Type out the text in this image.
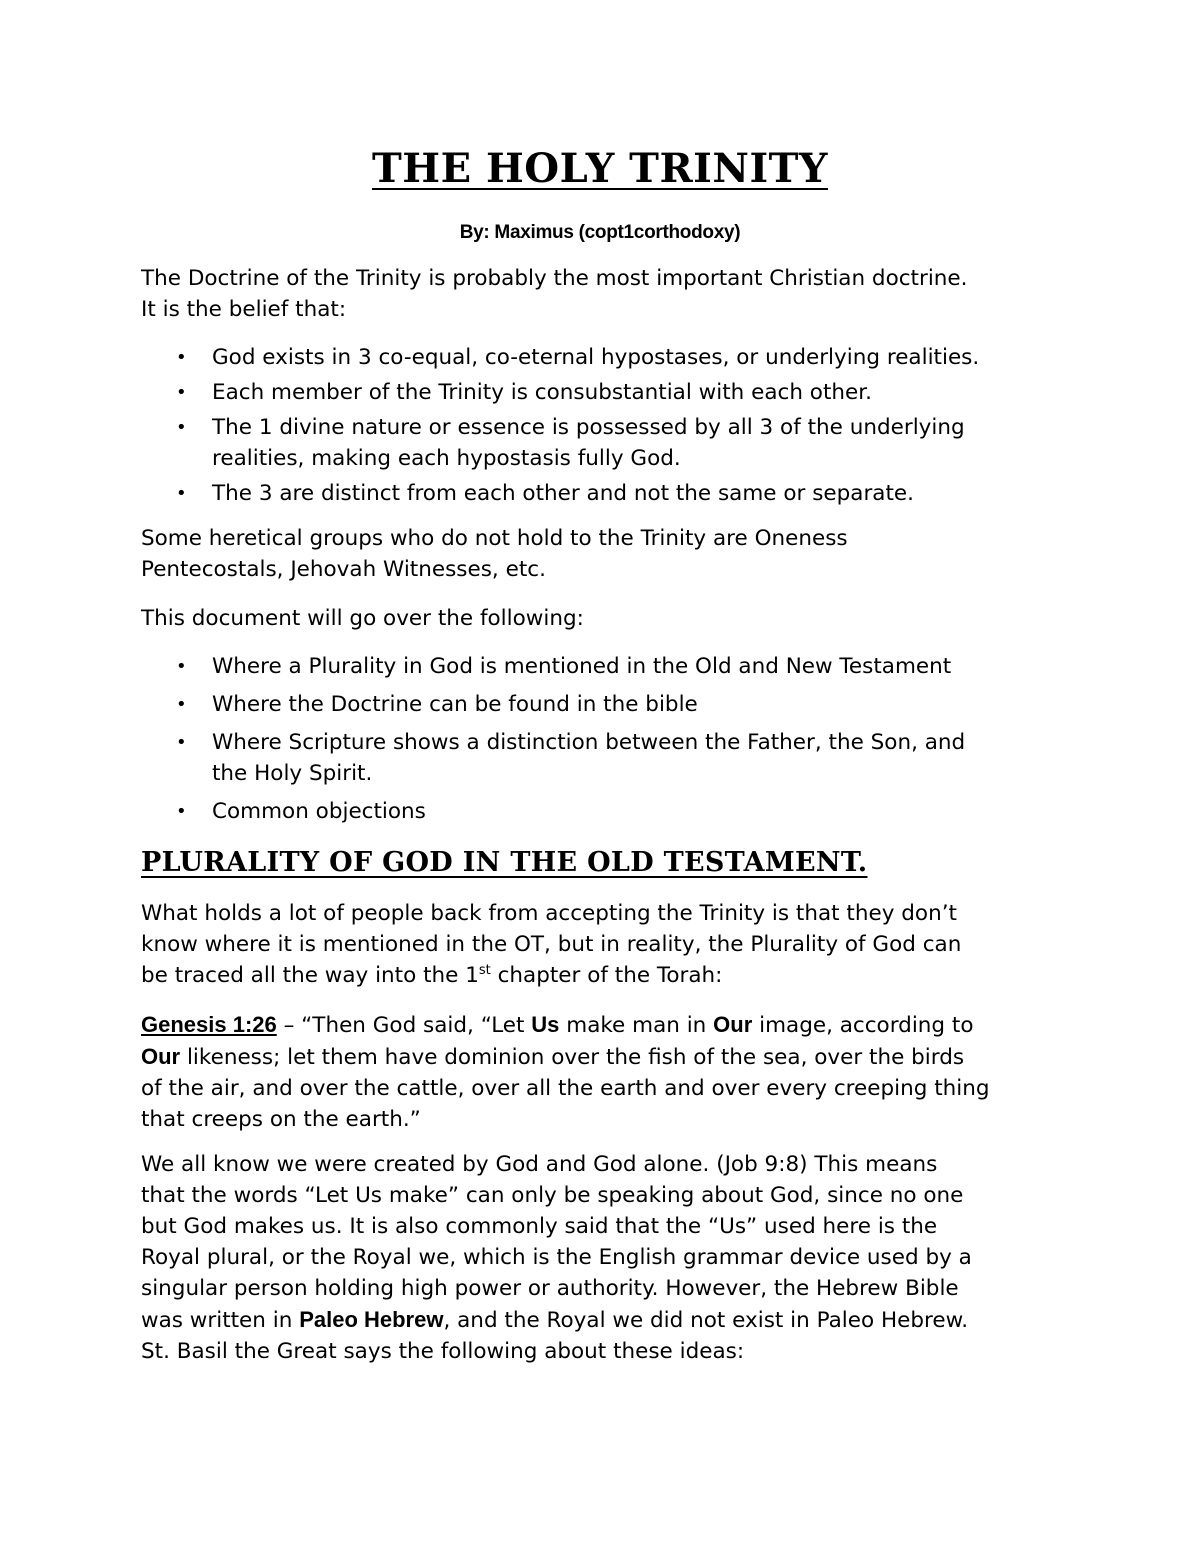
THE HOLY TRINITY
By: Maximus (copt1corthodoxy)

The Doctrine of the Trinity is probably the most important Christian doctrine.

It is the belief that:

• God exists in 3 co-equal, co-eternal hypostases, or underlying realities.
• Each member of the Trinity is consubstantial with each other.
• The 1 divine nature or essence is possessed by all 3 of the underlying
realities, making each hypostasis fully God.
• The 3 are distinct from each other and not the same or separate.

Some heretical groups who do not hold to the Trinity are Oneness

Pentecostals, Jehovah Witnesses, etc.

This document will go over the following:

• Where a Plurality in God is mentioned in the Old and New Testament
• Where the Doctrine can be found in the bible
• Where Scripture shows a distinction between the Father, the Son, and
the Holy Spirit.
• Common objections
PLURALITY OF GOD IN THE OLD TESTAMENT.

What holds a lot of people back from accepting the Trinity is that they don’t

know where it is mentioned in the OT, but in reality, the Plurality of God can

be traced all the way into the 1st chapter of the Torah:

Genesis 1:26 – “Then God said, “Let Us make man in Our image, according to

Our likeness; let them have dominion over the fish of the sea, over the birds

of the air, and over the cattle, over all the earth and over every creeping thing

that creeps on the earth.”

We all know we were created by God and God alone. (Job 9:8) This means

that the words “Let Us make” can only be speaking about God, since no one

but God makes us. It is also commonly said that the “Us” used here is the

Royal plural, or the Royal we, which is the English grammar device used by a

singular person holding high power or authority. However, the Hebrew Bible

was written in Paleo Hebrew, and the Royal we did not exist in Paleo Hebrew.

St. Basil the Great says the following about these ideas:
